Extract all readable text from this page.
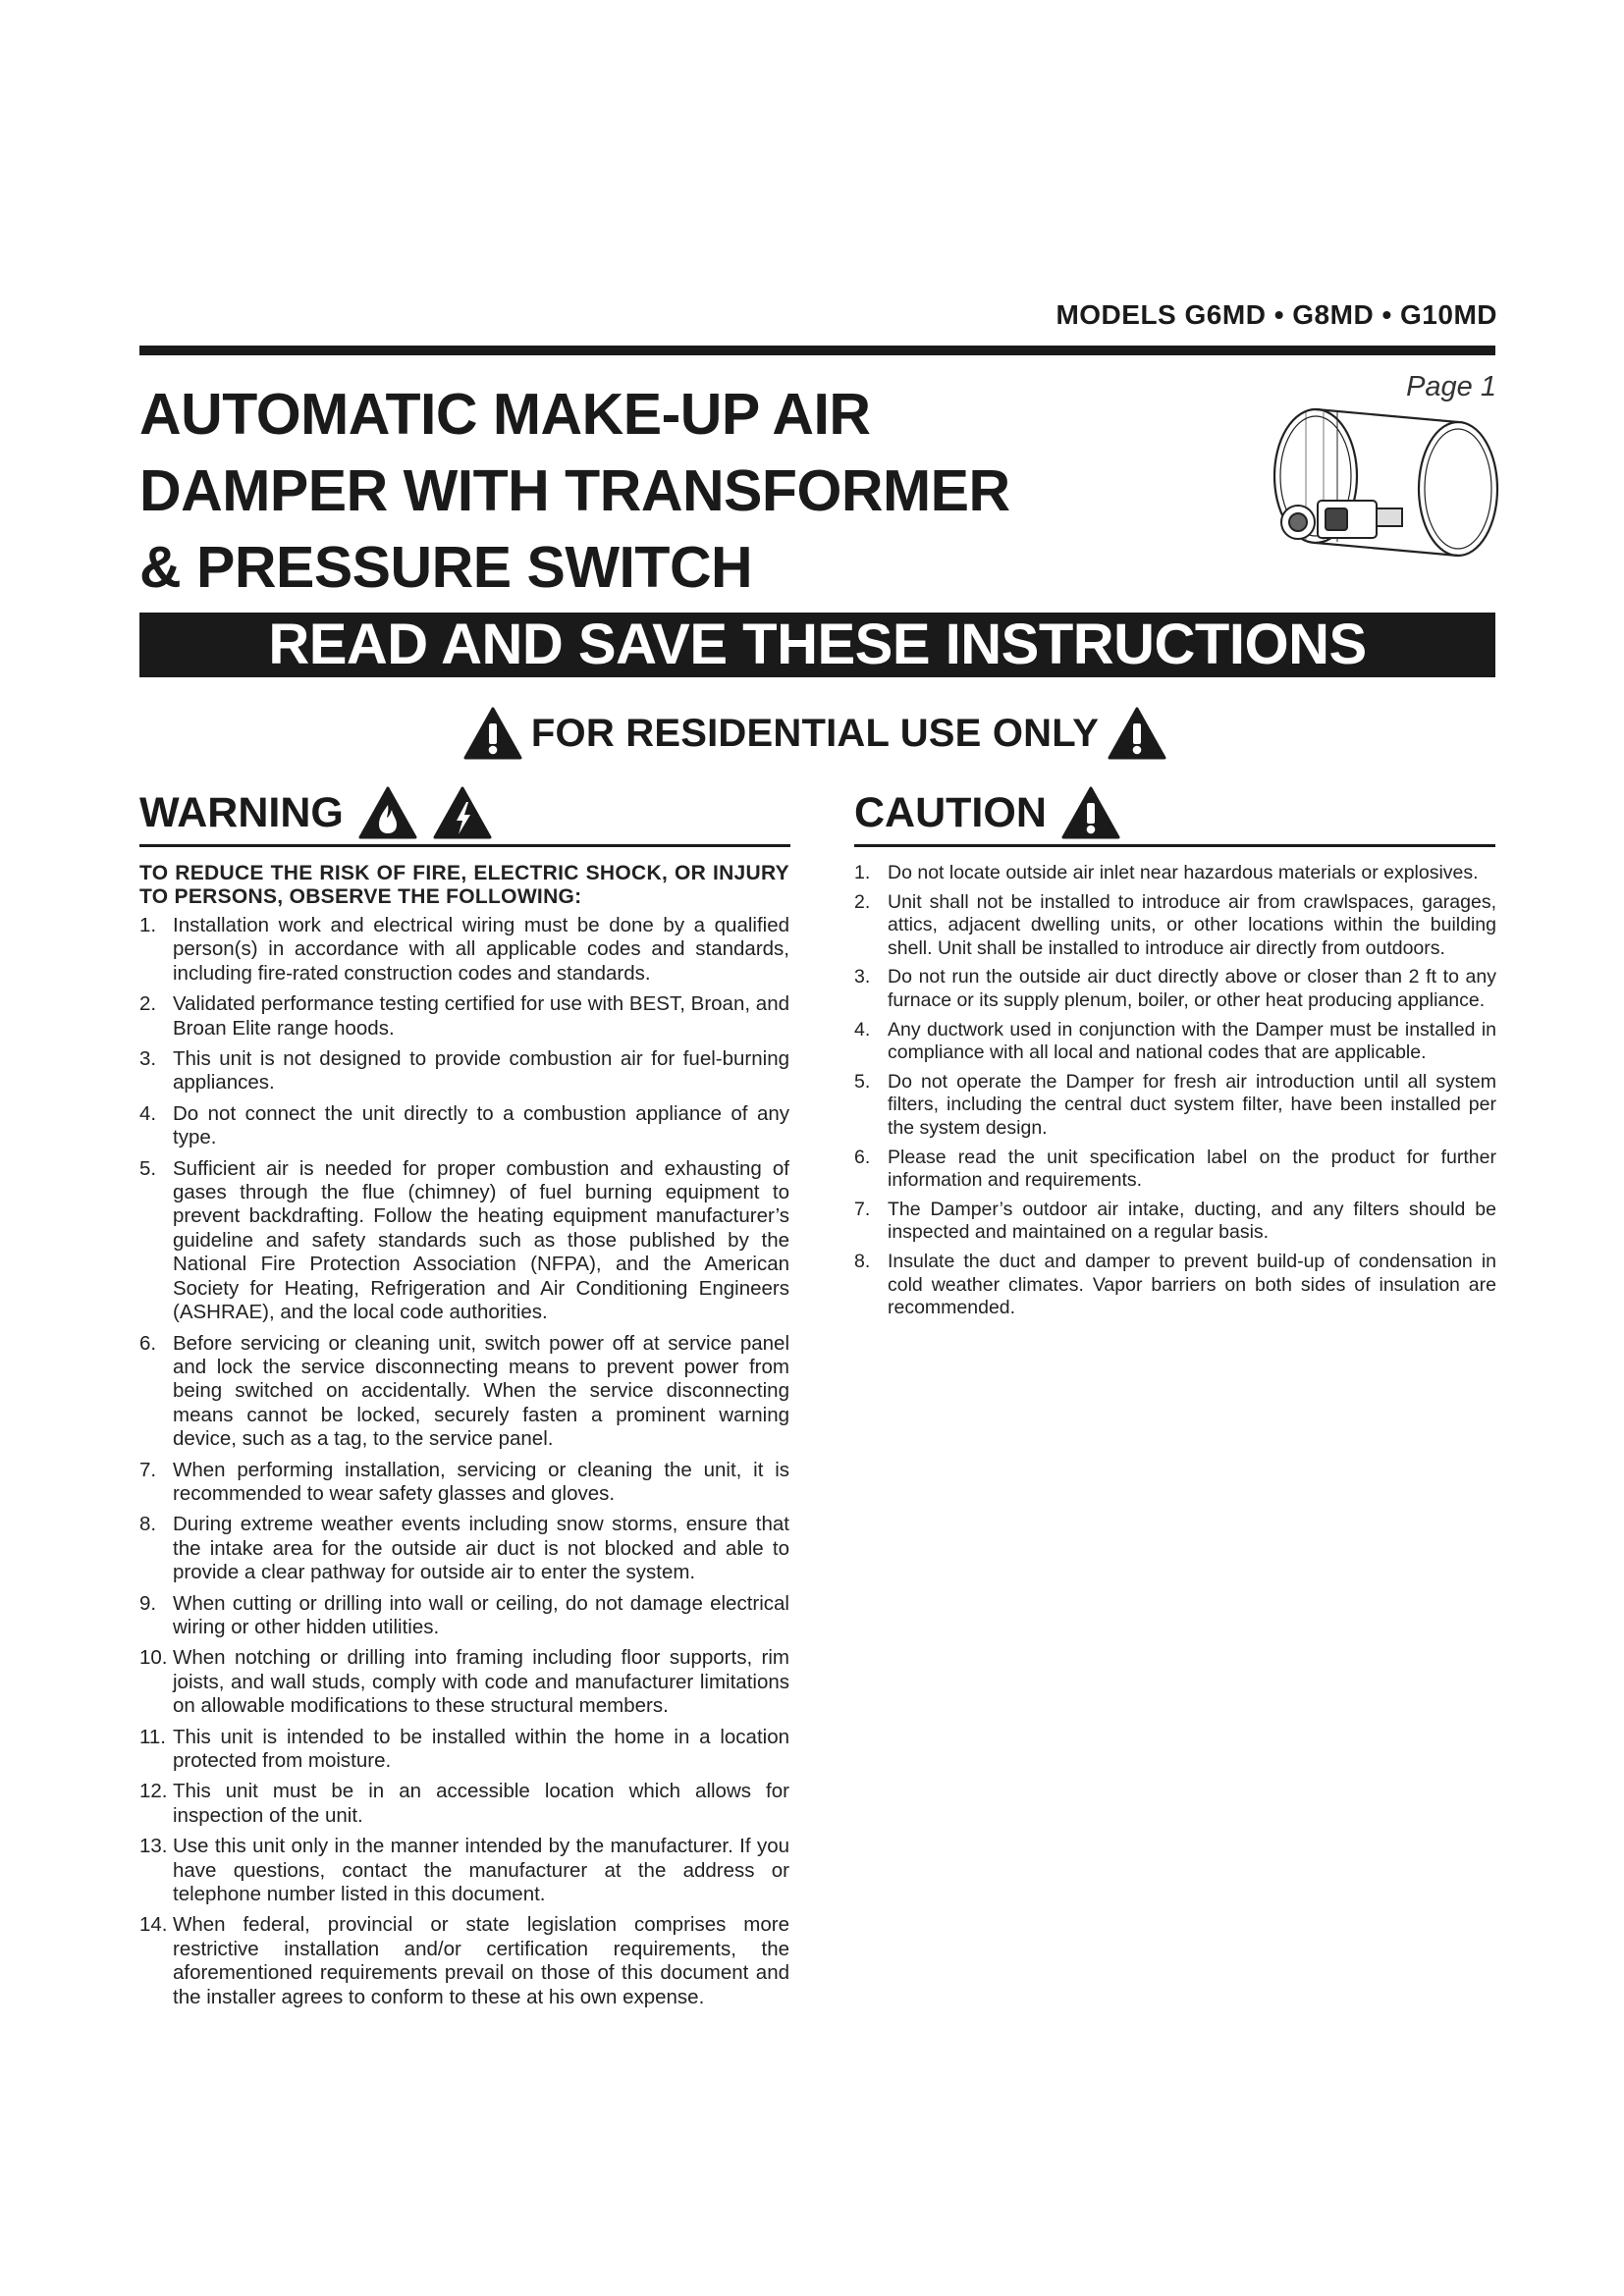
MODELS G6MD • G8MD • G10MD
Page 1
AUTOMATIC MAKE-UP AIR
DAMPER WITH TRANSFORMER
& PRESSURE SWITCH
READ AND SAVE THESE INSTRUCTIONS
FOR RESIDENTIAL USE ONLY
WARNING	CAUTION
TO REDUCE THE RISK OF FIRE, ELECTRIC SHOCK, OR INJURY TO PERSONS, OBSERVE THE FOLLOWING:
1. Installation work and electrical wiring must be done by a qualified person(s) in accordance with all applicable codes and standards, including fire-rated construction codes and standards.
2. Validated performance testing certified for use with BEST, Broan, and Broan Elite range hoods.
3. This unit is not designed to provide combustion air for fuel-burning appliances.
4. Do not connect the unit directly to a combustion appliance of any type.
5. Sufficient air is needed for proper combustion and exhausting of gases through the flue (chimney) of fuel burning equipment to prevent backdrafting. Follow the heating equipment manufacturer’s guideline and safety standards such as those published by the National Fire Protection Association (NFPA), and the American Society for Heating, Refrigeration and Air Conditioning Engineers (ASHRAE), and the local code authorities.
6. Before servicing or cleaning unit, switch power off at service panel and lock the service disconnecting means to prevent power from being switched on accidentally. When the service disconnecting means cannot be locked, securely fasten a prominent warning device, such as a tag, to the service panel.
7. When performing installation, servicing or cleaning the unit, it is recommended to wear safety glasses and gloves.
8. During extreme weather events including snow storms, ensure that the intake area for the outside air duct is not blocked and able to provide a clear pathway for outside air to enter the system.
9. When cutting or drilling into wall or ceiling, do not damage electrical wiring or other hidden utilities.
10. When notching or drilling into framing including floor supports, rim joists, and wall studs, comply with code and manufacturer limitations on allowable modifications to these structural members.
11. This unit is intended to be installed within the home in a location protected from moisture.
12. This unit must be in an accessible location which allows for inspection of the unit.
13. Use this unit only in the manner intended by the manufacturer. If you have questions, contact the manufacturer at the address or telephone number listed in this document.
14. When federal, provincial or state legislation comprises more restrictive installation and/or certification requirements, the aforementioned requirements prevail on those of this document and the installer agrees to conform to these at his own expense.
1. Do not locate outside air inlet near hazardous materials or explosives.
2. Unit shall not be installed to introduce air from crawlspaces, garages, attics, adjacent dwelling units, or other locations within the building shell. Unit shall be installed to introduce air directly from outdoors.
3. Do not run the outside air duct directly above or closer than 2 ft to any furnace or its supply plenum, boiler, or other heat producing appliance.
4. Any ductwork used in conjunction with the Damper must be installed in compliance with all local and national codes that are applicable.
5. Do not operate the Damper for fresh air introduction until all system filters, including the central duct system filter, have been installed per the system design.
6. Please read the unit specification label on the product for further information and requirements.
7. The Damper’s outdoor air intake, ducting, and any filters should be inspected and maintained on a regular basis.
8. Insulate the duct and damper to prevent build-up of condensation in cold weather climates. Vapor barriers on both sides of insulation are recommended.
